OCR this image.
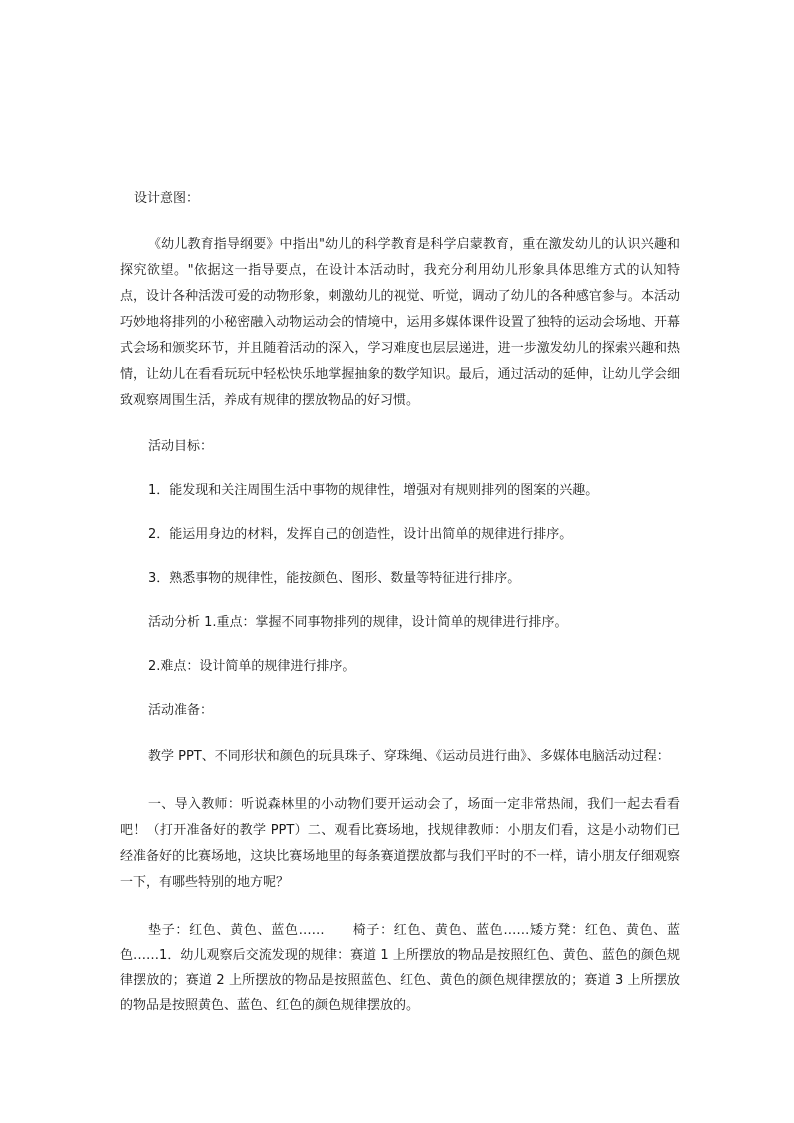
设计意图：

《幼儿教育指导纲要》中指出"幼儿的科学教育是科学启蒙教育，重在激发幼儿的认识兴趣和探究欲望。"依据这一指导要点，在设计本活动时，我充分利用幼儿形象具体思维方式的认知特点，设计各种活泼可爱的动物形象，刺激幼儿的视觉、听觉，调动了幼儿的各种感官参与。本活动巧妙地将排列的小秘密融入动物运动会的情境中，运用多媒体课件设置了独特的运动会场地、开幕式会场和颁奖环节，并且随着活动的深入，学习难度也层层递进，进一步激发幼儿的探索兴趣和热情，让幼儿在看看玩玩中轻松快乐地掌握抽象的数学知识。最后，通过活动的延伸，让幼儿学会细致观察周围生活，养成有规律的摆放物品的好习惯。

活动目标：
1．能发现和关注周围生活中事物的规律性，增强对有规则排列的图案的兴趣。
2．能运用身边的材料，发挥自己的创造性，设计出简单的规律进行排序。
3．熟悉事物的规律性，能按颜色、图形、数量等特征进行排序。
活动分析 1.重点：掌握不同事物排列的规律，设计简单的规律进行排序。
2.难点：设计简单的规律进行排序。
活动准备：

教学 PPT、不同形状和颜色的玩具珠子、穿珠绳、《运动员进行曲》、多媒体电脑活动过程：

一、导入教师：听说森林里的小动物们要开运动会了，场面一定非常热闹，我们一起去看看吧！（打开准备好的教学 PPT）二、观看比赛场地，找规律教师：小朋友们看，这是小动物们已经准备好的比赛场地，这块比赛场地里的每条赛道摆放都与我们平时的不一样，请小朋友仔细观察一下，有哪些特别的地方呢？

垫子：红色、黄色、蓝色……　　椅子：红色、黄色、蓝色……矮方凳：红色、黄色、蓝色……1．幼儿观察后交流发现的规律：赛道 1 上所摆放的物品是按照红色、黄色、蓝色的颜色规律摆放的；赛道 2 上所摆放的物品是按照蓝色、红色、黄色的颜色规律摆放的；赛道 3 上所摆放的物品是按照黄色、蓝色、红色的颜色规律摆放的。
